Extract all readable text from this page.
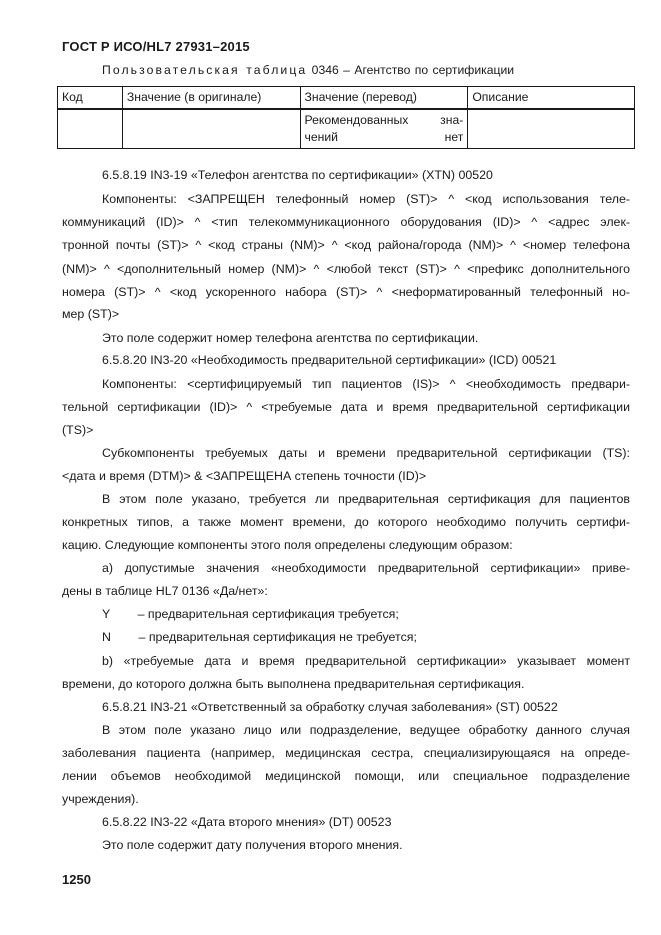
ГОСТ Р ИСО/HL7 27931–2015
Пользовательская таблица 0346 – Агентство по сертификации
Код	Значение (в оригинале)	Значение (перевод)	Описание
		Рекомендованных зна- чений нет	
6.5.8.19 IN3-19 «Телефон агентства по сертификации» (XTN) 00520
Компоненты: <ЗАПРЕЩЕН телефонный номер (ST)> ^ <код использования теле-
коммуникаций (ID)> ^ <тип телекоммуникационного оборудования (ID)> ^ <адрес элек-
тронной почты (ST)> ^ <код страны (NM)> ^ <код района/города (NM)> ^ <номер телефона
(NM)> ^ <дополнительный номер (NM)> ^ <любой текст (ST)> ^ <префикс дополнительного
номера (ST)> ^ <код ускоренного набора (ST)> ^ <неформатированный телефонный но-
мер (ST)>
Это поле содержит номер телефона агентства по сертификации.
6.5.8.20 IN3-20 «Необходимость предварительной сертификации» (ICD) 00521
Компоненты: <сертифицируемый тип пациентов (IS)> ^ <необходимость предвари-
тельной сертификации (ID)> ^ <требуемые дата и время предварительной сертификации
(TS)>
Субкомпоненты требуемых даты и времени предварительной сертификации (TS):
<дата и время (DTM)> & <ЗАПРЕЩЕНА степень точности (ID)>
В этом поле указано, требуется ли предварительная сертификация для пациентов
конкретных типов, а также момент времени, до которого необходимо получить сертифи-
кацию. Следующие компоненты этого поля определены следующим образом:
a) допустимые значения «необходимости предварительной сертификации» приве-
дены в таблице HL7 0136 «Да/нет»:
Y        – предварительная сертификация требуется;
N        – предварительная сертификация не требуется;
b) «требуемые дата и время предварительной сертификации» указывает момент
времени, до которого должна быть выполнена предварительная сертификация.
6.5.8.21 IN3-21 «Ответственный за обработку случая заболевания» (ST) 00522
В этом поле указано лицо или подразделение, ведущее обработку данного случая
заболевания пациента (например, медицинская сестра, специализирующаяся на опреде-
лении объемов необходимой медицинской помощи, или специальное подразделение
учреждения).
6.5.8.22 IN3-22 «Дата второго мнения» (DT) 00523
Это поле содержит дату получения второго мнения.
1250
